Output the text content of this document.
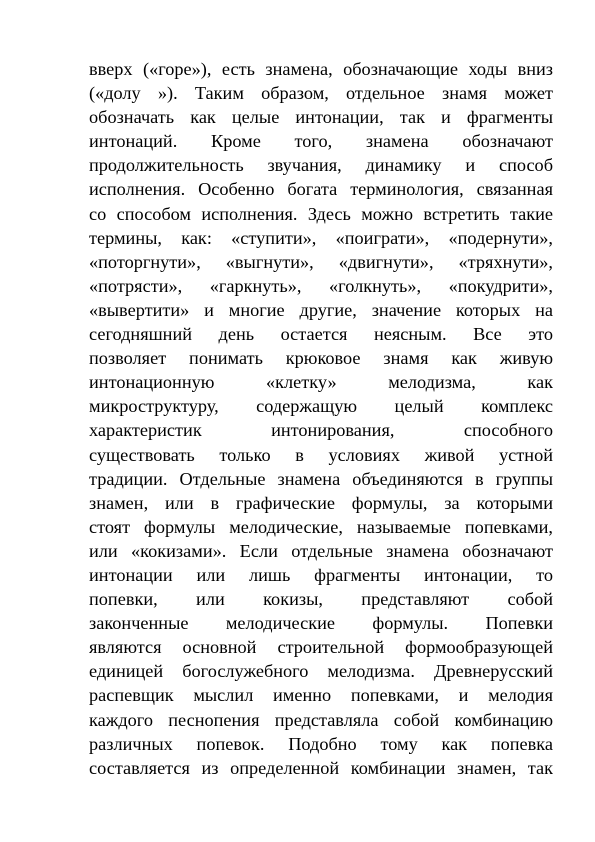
вверх («горе»), есть знамена, обозначающие ходы вниз
(«долу »). Таким образом, отдельное знамя может
обозначать как целые интонации, так и фрагменты
интонаций. Кроме того, знамена обозначают
продолжительность звучания, динамику и способ
исполнения. Особенно богата терминология, связанная
со способом исполнения. Здесь можно встретить такие
термины, как: «ступити», «поиграти», «подернути»,
«поторгнути», «выгнути», «двигнути», «тряхнути»,
«потрясти», «гаркнуть», «голкнуть», «покудрити»,
«вывертити» и многие другие, значение которых на
сегодняшний день остается неясным. Все это
позволяет понимать крюковое знамя как живую
интонационную «клетку» мелодизма, как
микроструктуру, содержащую целый комплекс
характеристик интонирования, способного
существовать только в условиях живой устной
традиции. Отдельные знамена объединяются в группы
знамен, или в графические формулы, за которыми
стоят формулы мелодические, называемые попевками,
или «кокизами». Если отдельные знамена обозначают
интонации или лишь фрагменты интонации, то
попевки, или кокизы, представляют собой
законченные мелодические формулы. Попевки
являются основной строительной формообразующей
единицей богослужебного мелодизма. Древнерусский
распевщик мыслил именно попевками, и мелодия
каждого песнопения представляла собой комбинацию
различных попевок. Подобно тому как попевка
составляется из определенной комбинации знамен, так
